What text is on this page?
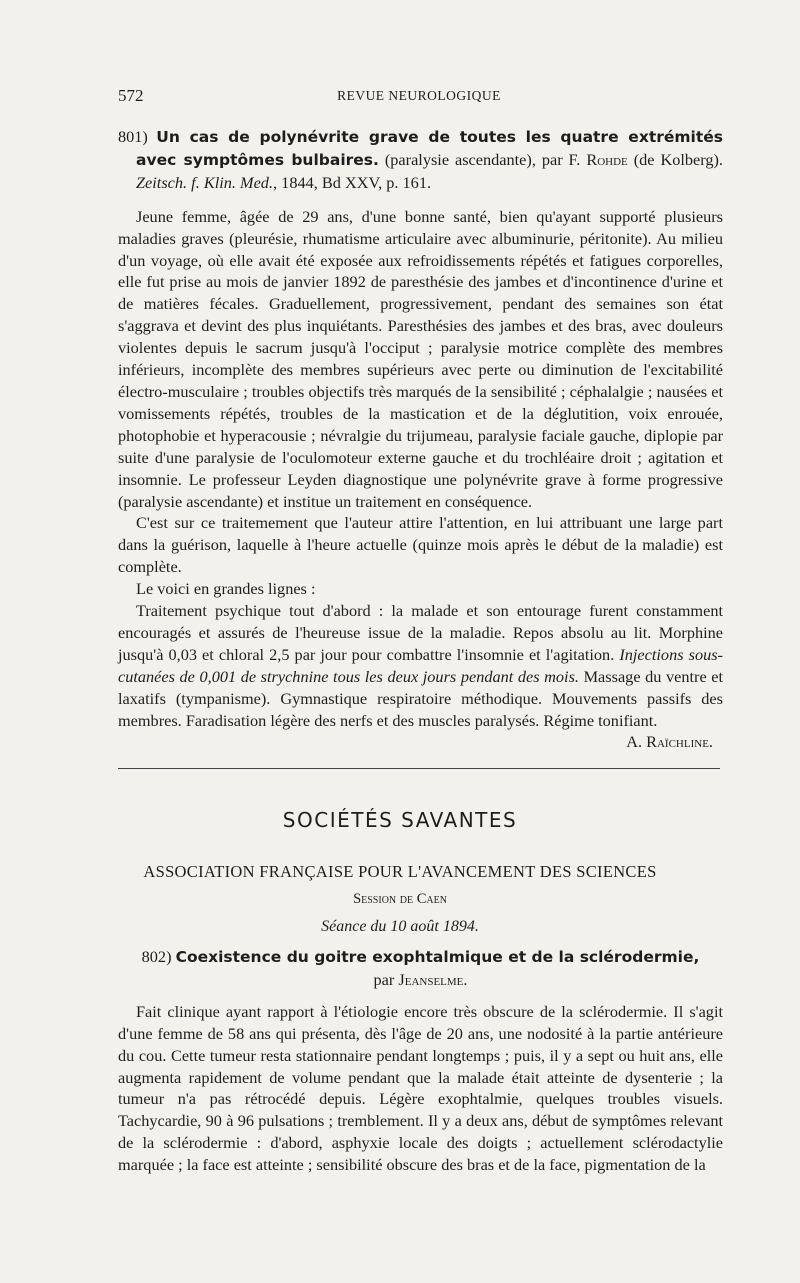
572	REVUE NEUROLOGIQUE

801) Un cas de polynévrite grave de toutes les quatre extrémités avec symptômes bulbaires. (paralysie ascendante), par F. Rohde (de Kolberg). Zeitsch. f. Klin. Med., 1844, Bd XXV, p. 161.

Jeune femme, âgée de 29 ans, d'une bonne santé, bien qu'ayant supporté plusieurs maladies graves (pleurésie, rhumatisme articulaire avec albuminurie, péritonite). Au milieu d'un voyage, où elle avait été exposée aux refroidissements répétés et fatigues corporelles, elle fut prise au mois de janvier 1892 de paresthésie des jambes et d'incontinence d'urine et de matières fécales. Graduellement, progressivement, pendant des semaines son état s'aggrava et devint des plus inquiétants. Paresthésies des jambes et des bras, avec douleurs violentes depuis le sacrum jusqu'à l'occiput ; paralysie motrice complète des membres inférieurs, incomplète des membres supérieurs avec perte ou diminution de l'excitabilité électro-musculaire ; troubles objectifs très marqués de la sensibilité ; céphalalgie ; nausées et vomissements répétés, troubles de la mastication et de la déglutition, voix enrouée, photophobie et hyperacousie ; névralgie du trijumeau, paralysie faciale gauche, diplopie par suite d'une paralysie de l'oculomoteur externe gauche et du trochléaire droit ; agitation et insomnie. Le professeur Leyden diagnostique une polynévrite grave à forme progressive (paralysie ascendante) et institue un traitement en conséquence.

C'est sur ce traitemement que l'auteur attire l'attention, en lui attribuant une large part dans la guérison, laquelle à l'heure actuelle (quinze mois après le début de la maladie) est complète.

Le voici en grandes lignes :

Traitement psychique tout d'abord : la malade et son entourage furent constamment encouragés et assurés de l'heureuse issue de la maladie. Repos absolu au lit. Morphine jusqu'à 0,03 et chloral 2,5 par jour pour combattre l'insomnie et l'agitation. Injections sous-cutanées de 0,001 de strychnine tous les deux jours pendant des mois. Massage du ventre et laxatifs (tympanisme). Gymnastique respiratoire méthodique. Mouvements passifs des membres. Faradisation légère des nerfs et des muscles paralysés. Régime tonifiant.
A. Raïchline.

SOCIÉTÉS SAVANTES
ASSOCIATION FRANÇAISE POUR L'AVANCEMENT DES SCIENCES
Session de Caen
Séance du 10 août 1894.

802) Coexistence du goitre exophtalmique et de la sclérodermie,

par Jeanselme.

Fait clinique ayant rapport à l'étiologie encore très obscure de la sclérodermie. Il s'agit d'une femme de 58 ans qui présenta, dès l'âge de 20 ans, une nodosité à la partie antérieure du cou. Cette tumeur resta stationnaire pendant longtemps ; puis, il y a sept ou huit ans, elle augmenta rapidement de volume pendant que la malade était atteinte de dysenterie ; la tumeur n'a pas rétrocédé depuis. Légère exophtalmie, quelques troubles visuels. Tachycardie, 90 à 96 pulsations ; tremblement. Il y a deux ans, début de symptômes relevant de la sclérodermie : d'abord, asphyxie locale des doigts ; actuellement sclérodactylie marquée ; la face est atteinte ; sensibilité obscure des bras et de la face, pigmentation de la
